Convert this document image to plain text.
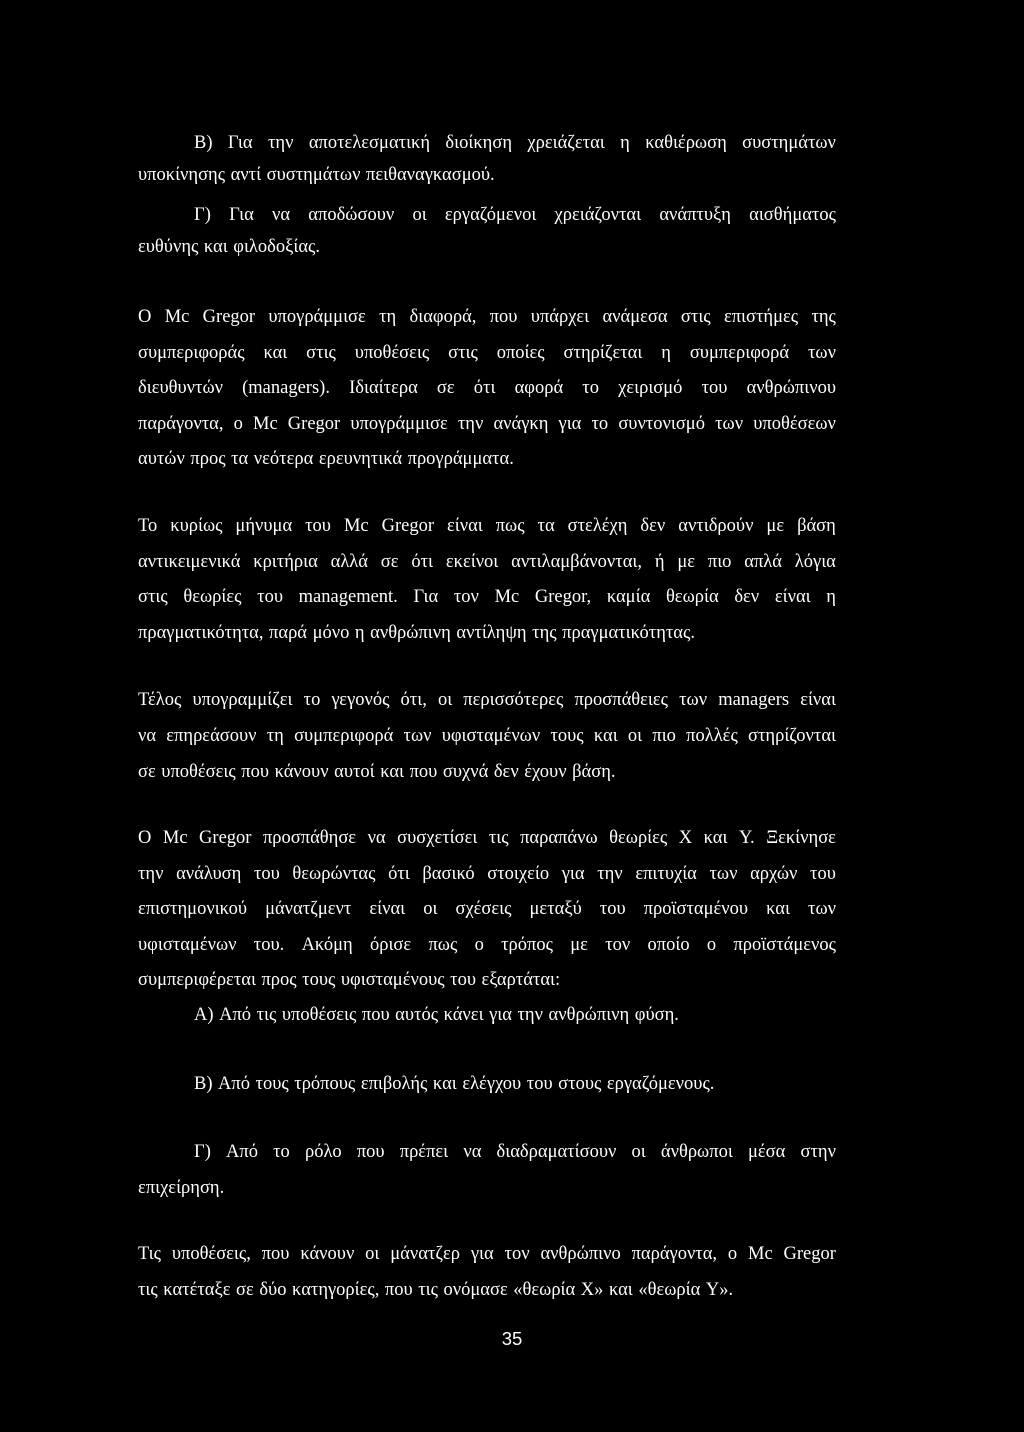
Β) Για την αποτελεσματική διοίκηση χρειάζεται η καθιέρωση συστημάτων
υποκίνησης αντί συστημάτων πειθαναγκασμού.
Γ) Για να αποδώσουν οι εργαζόμενοι χρειάζονται ανάπτυξη αισθήματος
ευθύνης και φιλοδοξίας.
Ο Mc Gregor υπογράμμισε τη διαφορά, που υπάρχει ανάμεσα στις επιστήμες της
συμπεριφοράς και στις υποθέσεις στις οποίες στηρίζεται η συμπεριφορά των
διευθυντών (managers). Ιδιαίτερα σε ότι αφορά το χειρισμό του ανθρώπινου
παράγοντα, ο Mc Gregor υπογράμμισε την ανάγκη για το συντονισμό των υποθέσεων
αυτών προς τα νεότερα ερευνητικά προγράμματα.
Το κυρίως μήνυμα του Mc Gregor είναι πως τα στελέχη δεν αντιδρούν με βάση
αντικειμενικά κριτήρια αλλά σε ότι εκείνοι αντιλαμβάνονται, ή με πιο απλά λόγια
στις θεωρίες του management. Για τον Mc Gregor, καμία θεωρία δεν είναι η
πραγματικότητα, παρά μόνο η ανθρώπινη αντίληψη της πραγματικότητας.
Τέλος υπογραμμίζει το γεγονός ότι, οι περισσότερες προσπάθειες των managers είναι
να επηρεάσουν τη συμπεριφορά των υφισταμένων τους και οι πιο πολλές στηρίζονται
σε υποθέσεις που κάνουν αυτοί και που συχνά δεν έχουν βάση.
Ο Mc Gregor προσπάθησε να συσχετίσει τις παραπάνω θεωρίες Χ και Υ. Ξεκίνησε
την ανάλυση του θεωρώντας ότι βασικό στοιχείο για την επιτυχία των αρχών του
επιστημονικού μάνατζμεντ είναι οι σχέσεις μεταξύ του προϊσταμένου και των
υφισταμένων του. Ακόμη όρισε πως ο τρόπος με τον οποίο ο προϊστάμενος
συμπεριφέρεται προς τους υφισταμένους του εξαρτάται:
Α) Από τις υποθέσεις που αυτός κάνει για την ανθρώπινη φύση.
Β) Από τους τρόπους επιβολής και ελέγχου του στους εργαζόμενους.
Γ) Από το ρόλο που πρέπει να διαδραματίσουν οι άνθρωποι μέσα στην
επιχείρηση.
Τις υποθέσεις, που κάνουν οι μάνατζερ για τον ανθρώπινο παράγοντα, ο Mc Gregor
τις κατέταξε σε δύο κατηγορίες, που τις ονόμασε «θεωρία Χ» και «θεωρία Υ».
35
